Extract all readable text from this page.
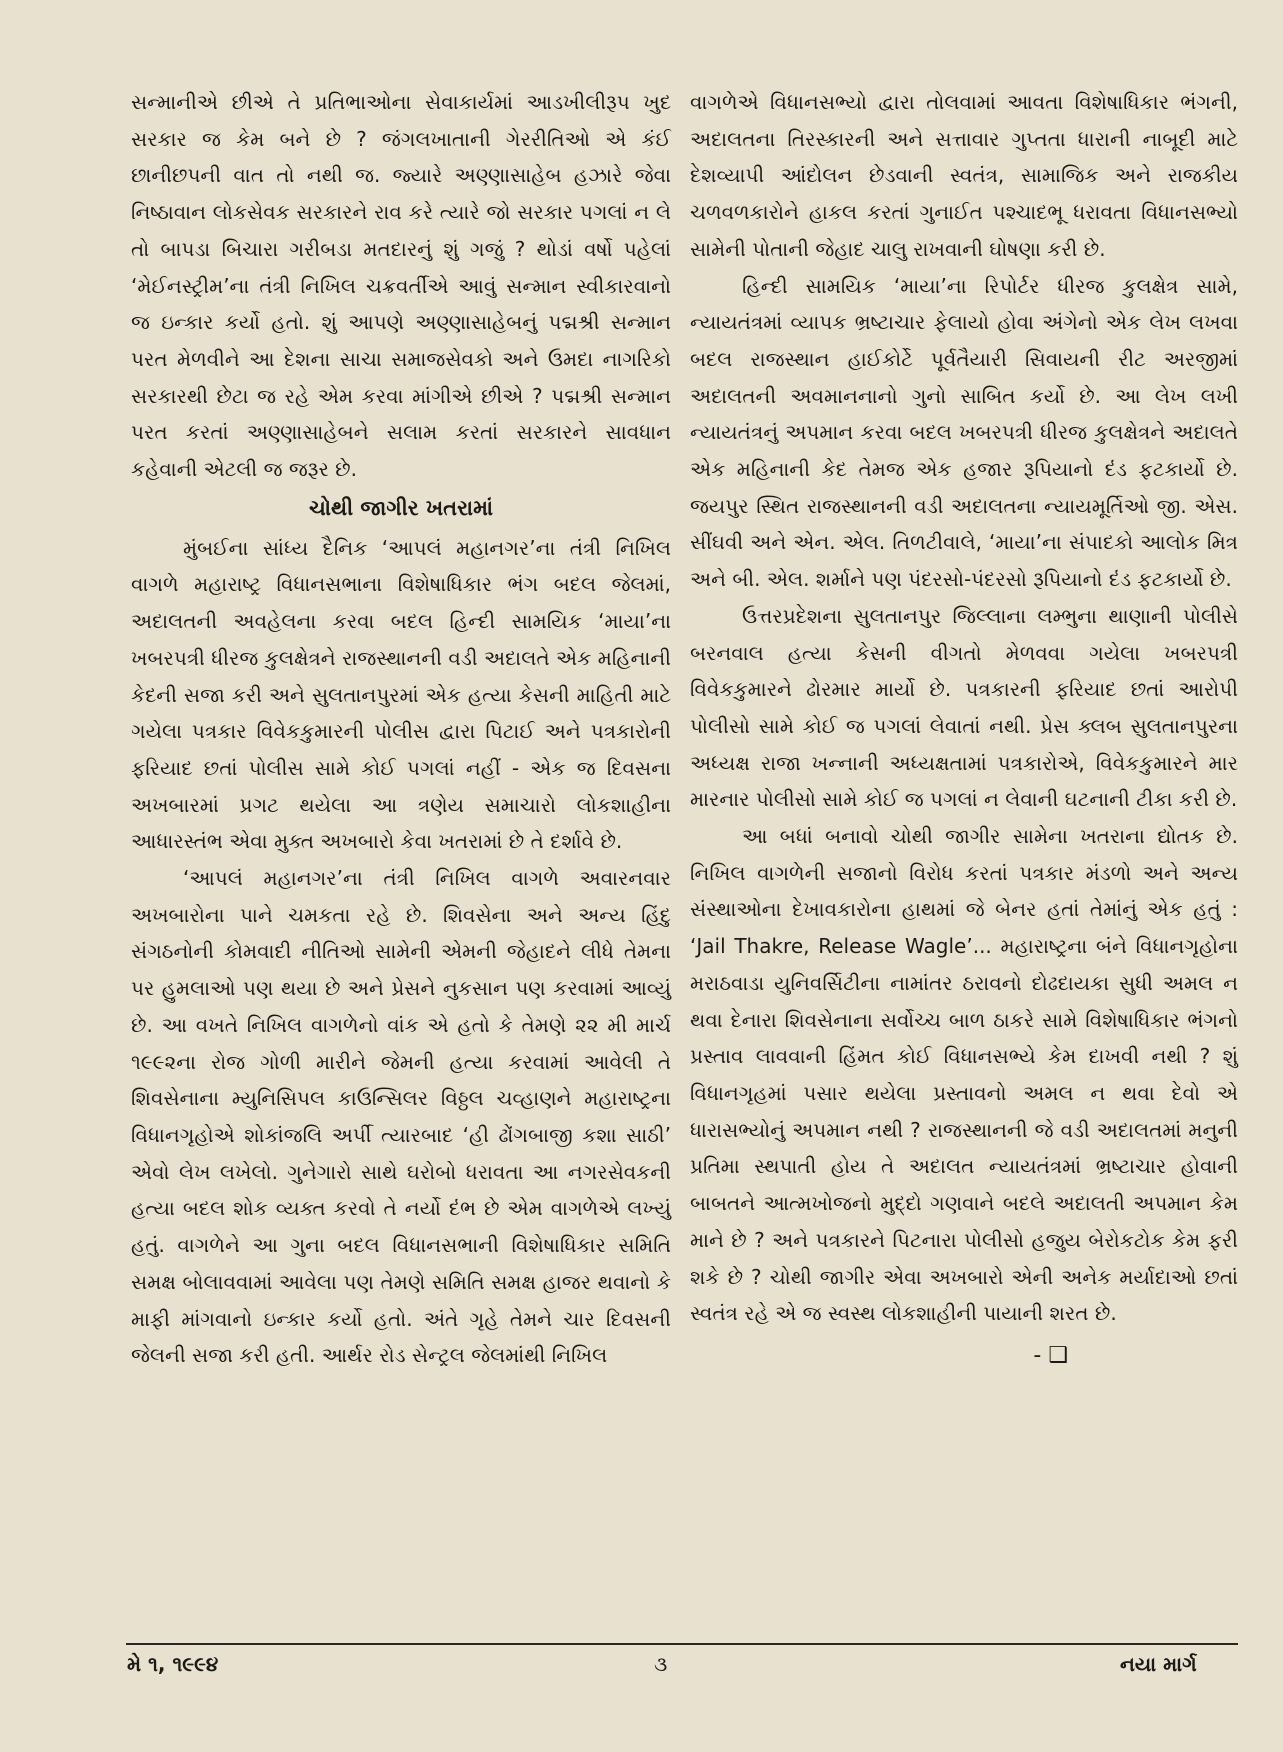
સન્માનીએ છીએ તે પ્રતિભાઓના સેવાકાર્યમાં આડખીલીરૂપ ખુદ સરકાર જ કેમ બને છે ? જંગલખાતાની ગેરરીતિઓ એ કંઈ છાનીછપની વાત તો નથી જ. જ્યારે અણ્ણાસાહેબ હઝારે જેવા નિષ્ઠાવાન લોકસેવક સરકારને રાવ કરે ત્યારે જો સરકાર પગલાં ન લે તો બાપડા બિચારા ગરીબડા મતદારનું શું ગજું ? થોડાં વર્ષો પહેલાં ‘મેઈનસ્ટ્રીમ’ના તંત્રી નિખિલ ચક્રવર્તીએ આવું સન્માન સ્વીકારવાનો જ ઇન્કાર કર્યો હતો. શું આપણે અણ્ણાસાહેબનું પદ્મશ્રી સન્માન પરત મેળવીને આ દેશના સાચા સમાજસેવકો અને ઉમદા નાગરિકો સરકારથી છેટા જ રહે એમ કરવા માંગીએ છીએ ? પદ્મશ્રી સન્માન પરત કરતાં અણ્ણાસાહેબને સલામ કરતાં સરકારને સાવધાન કહેવાની એટલી જ જરૂર છે.

ચોથી જાગીર ખતરામાં

મુંબઈના સાંધ્ય દૈનિક ‘આપલં મહાનગર’ના તંત્રી નિખિલ વાગળે મહારાષ્ટ્ર વિધાનસભાના વિશેષાધિકાર ભંગ બદલ જેલમાં, અદાલતની અવહેલના કરવા બદલ હિન્દી સામયિક ‘માયા’ના ખબરપત્રી ધીરજ કુલક્ષેત્રને રાજસ્થાનની વડી અદાલતે એક મહિનાની કેદની સજા કરી અને સુલતાનપુરમાં એક હત્યા કેસની માહિતી માટે ગયેલા પત્રકાર વિવેકકુમારની પોલીસ દ્વારા પિટાઈ અને પત્રકારોની ફરિયાદ છતાં પોલીસ સામે કોઈ પગલાં નહીં - એક જ દિવસના અખબારમાં પ્રગટ થયેલા આ ત્રણેય સમાચારો લોકશાહીના આધારસ્તંભ એવા મુક્ત અખબારો કેવા ખતરામાં છે તે દર્શાવે છે.

‘આપલં મહાનગર’ના તંત્રી નિખિલ વાગળે અવારનવાર અખબારોના પાને ચમકતા રહે છે. શિવસેના અને અન્ય હિંદુ સંગઠનોની કોમવાદી નીતિઓ સામેની એમની જેહાદને લીધે તેમના પર હુમલાઓ પણ થયા છે અને પ્રેસને નુકસાન પણ કરવામાં આવ્યું છે. આ વખતે નિખિલ વાગળેનો વાંક એ હતો કે તેમણે ૨૨ મી માર્ચ ૧૯૯૨ના રોજ ગોળી મારીને જેમની હત્યા કરવામાં આવેલી તે શિવસેનાના મ્યુનિસિપલ કાઉન્સિલર વિઠ્ઠલ ચવ્હાણને મહારાષ્ટ્રના વિધાનગૃહોએ શોકાંજલિ અર્પી ત્યારબાદ ‘હી ઢોંગબાજી કશા સાઠી’ એવો લેખ લખેલો. ગુનેગારો સાથે ઘરોબો ધરાવતા આ નગરસેવકની હત્યા બદલ શોક વ્યક્ત કરવો તે નર્યો દંભ છે એમ વાગળેએ લખ્યું હતું. વાગળેને આ ગુના બદલ વિધાનસભાની વિશેષાધિકાર સમિતિ સમક્ષ બોલાવવામાં આવેલા પણ તેમણે સમિતિ સમક્ષ હાજર થવાનો કે માફી માંગવાનો ઇન્કાર કર્યો હતો. અંતે ગૃહે તેમને ચાર દિવસની જેલની સજા કરી હતી. આર્થર રોડ સેન્ટ્રલ જેલમાંથી નિખિલ

વાગળેએ વિધાનસભ્યો દ્વારા તોલવામાં આવતા વિશેષાધિકાર ભંગની, અદાલતના તિરસ્કારની અને સત્તાવાર ગુપ્તતા ધારાની નાબૂદી માટે દેશવ્યાપી આંદોલન છેડવાની સ્વતંત્ર, સામાજિક અને રાજકીય ચળવળકારોને હાકલ કરતાં ગુનાઈત પશ્ચાદભૂ ધરાવતા વિધાનસભ્યો સામેની પોતાની જેહાદ ચાલુ રાખવાની ઘોષણા કરી છે.

હિન્દી સામયિક ‘માયા’ના રિપોર્ટર ધીરજ કુલક્ષેત્ર સામે, ન્યાયતંત્રમાં વ્યાપક ભ્રષ્ટાચાર ફેલાયો હોવા અંગેનો એક લેખ લખવા બદલ રાજસ્થાન હાઈકોર્ટે પૂર્વતૈયારી સિવાયની રીટ અરજીમાં અદાલતની અવમાનનાનો ગુનો સાબિત કર્યો છે. આ લેખ લખી ન્યાયતંત્રનું અપમાન કરવા બદલ ખબરપત્રી ધીરજ કુલક્ષેત્રને અદાલતે એક મહિનાની કેદ તેમજ એક હજાર રૂપિયાનો દંડ ફટકાર્યો છે. જયપુર સ્થિત રાજસ્થાનની વડી અદાલતના ન્યાયમૂર્તિઓ જી. એસ. સીંઘવી અને એન. એલ. તિળટીવાલે, ‘માયા’ના સંપાદકો આલોક મિત્ર અને બી. એલ. શર્માને પણ પંદરસો-પંદરસો રૂપિયાનો દંડ ફટકાર્યો છે.

ઉત્તરપ્રદેશના સુલતાનપુર જિલ્લાના લમ્ભુના થાણાની પોલીસે બરનવાલ હત્યા કેસની વીગતો મેળવવા ગયેલા ખબરપત્રી વિવેકકુમારને ઢોરમાર માર્યો છે. પત્રકારની ફરિયાદ છતાં આરોપી પોલીસો સામે કોઈ જ પગલાં લેવાતાં નથી. પ્રેસ ક્લબ સુલતાનપુરના અધ્યક્ષ રાજા ખન્નાની અધ્યક્ષતામાં પત્રકારોએ, વિવેકકુમારને માર મારનાર પોલીસો સામે કોઈ જ પગલાં ન લેવાની ઘટનાની ટીકા કરી છે.

આ બધાં બનાવો ચોથી જાગીર સામેના ખતરાના દ્યોતક છે. નિખિલ વાગળેની સજાનો વિરોધ કરતાં પત્રકાર મંડળો અને અન્ય સંસ્થાઓના દેખાવકારોના હાથમાં જે બેનર હતાં તેમાંનું એક હતું : ‘Jail Thakre, Release Wagle’... મહારાષ્ટ્રના બંને વિધાનગૃહોના મરાઠવાડા યુનિવર્સિટીના નામાંતર ઠરાવનો દોઢદાયકા સુધી અમલ ન થવા દેનારા શિવસેનાના સર્વોચ્ચ બાળ ઠાકરે સામે વિશેષાધિકાર ભંગનો પ્રસ્તાવ લાવવાની હિંમત કોઈ વિધાનસભ્યે કેમ દાખવી નથી ? શું વિધાનગૃહમાં પસાર થયેલા પ્રસ્તાવનો અમલ ન થવા દેવો એ ધારાસભ્યોનું અપમાન નથી ? રાજસ્થાનની જે વડી અદાલતમાં મનુની પ્રતિમા સ્થપાતી હોય તે અદાલત ન્યાયતંત્રમાં ભ્રષ્ટાચાર હોવાની બાબતને આત્મખોજનો મુદ્દો ગણવાને બદલે અદાલતી અપમાન કેમ માને છે ? અને પત્રકારને પિટનારા પોલીસો હજુય બેરોકટોક કેમ ફરી શકે છે ? ચોથી જાગીર એવા અખબારો એની અનેક મર્યાદાઓ છતાં સ્વતંત્ર રહે એ જ સ્વસ્થ લોકશાહીની પાયાની શરત છે.

- ❑
મે ૧, ૧૯૯૪	૩	નયા માર્ગ
